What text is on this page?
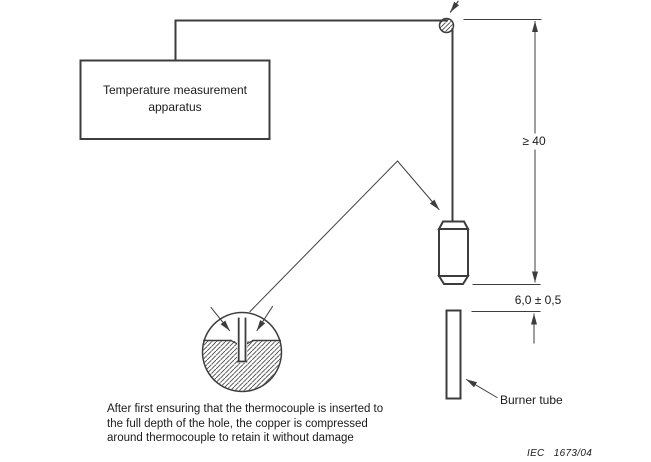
Temperature measurement apparatus
≥ 40
6,0 ± 0,5
Burner tube
IEC   1673/04
After first ensuring that the thermocouple is inserted to
the full depth of the hole, the copper is compressed
around thermocouple to retain it without damage
